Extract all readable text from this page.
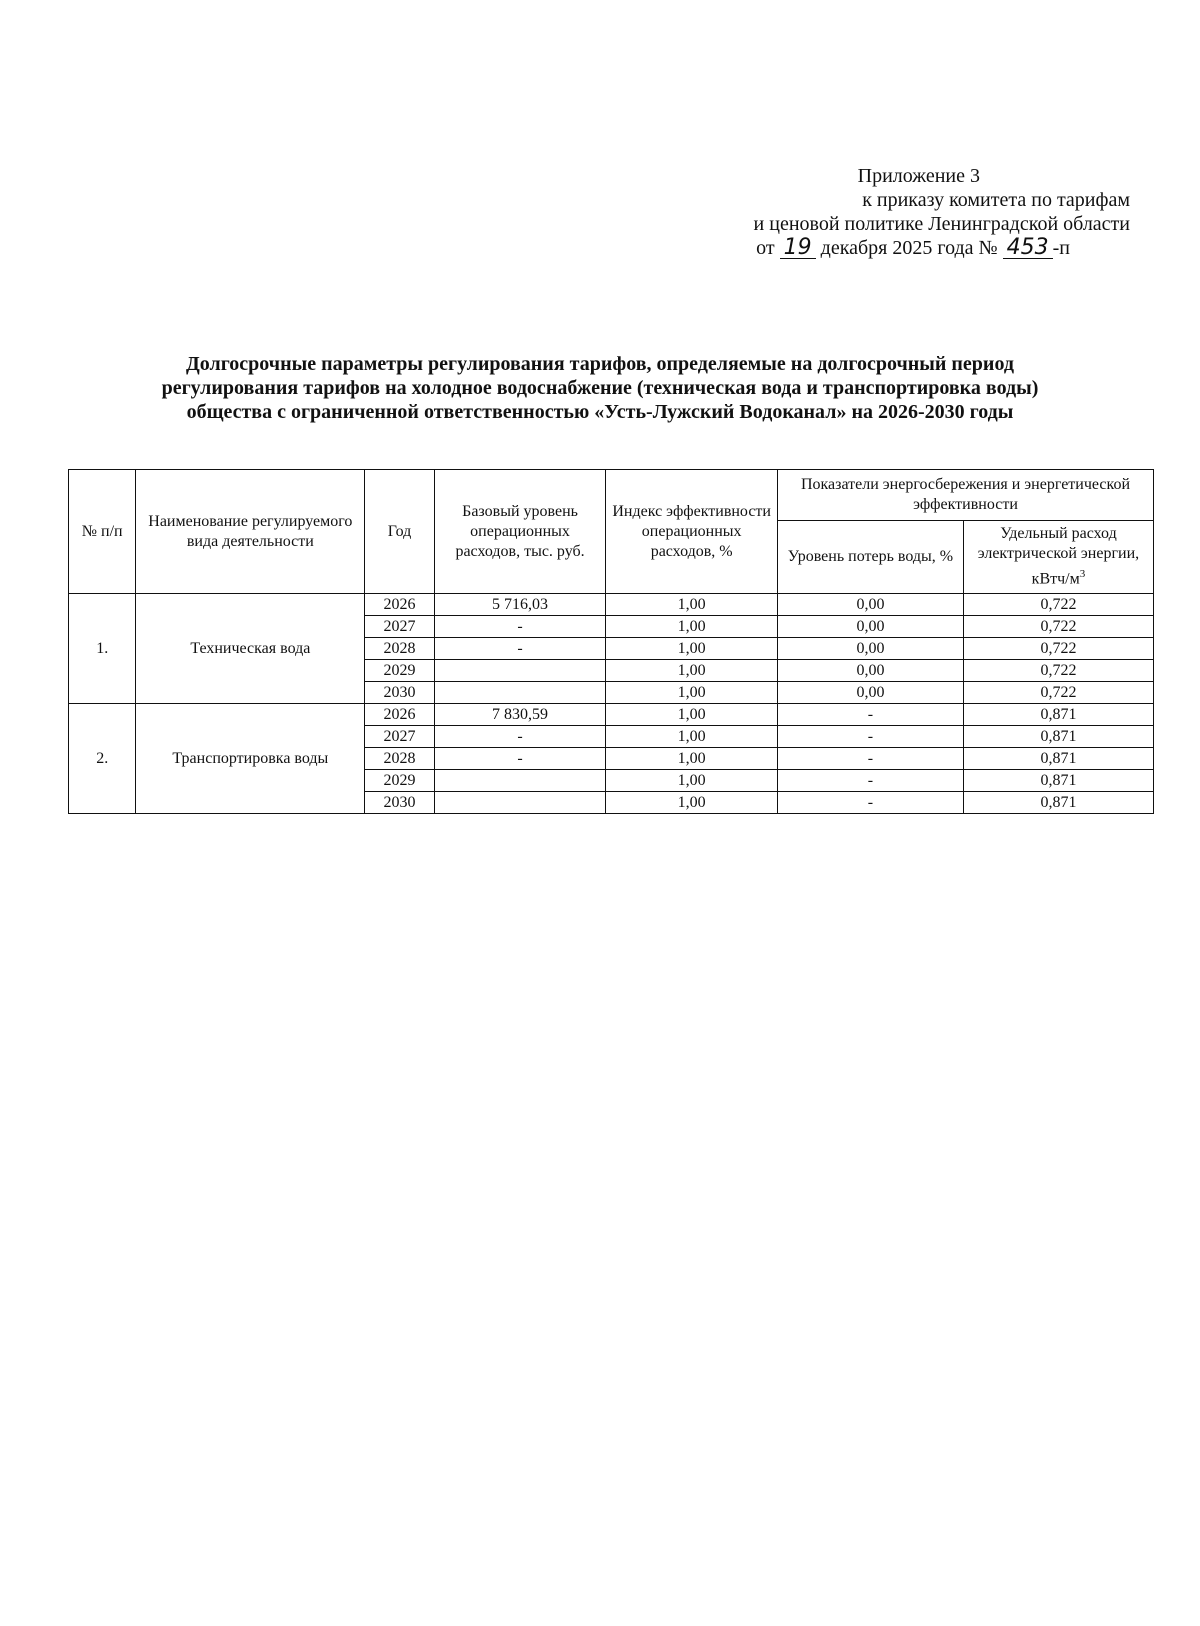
Приложение 3
к приказу комитета по тарифам
и ценовой политике Ленинградской области
от 19 декабря 2025 года № 453 -п
Долгосрочные параметры регулирования тарифов, определяемые на долгосрочный период
регулирования тарифов на холодное водоснабжение (техническая вода и транспортировка воды)
общества с ограниченной ответственностью «Усть-Лужский Водоканал» на 2026-2030 годы
№ п/п	Наименование регулируемого вида деятельности	Год	Базовый уровень операционных расходов, тыс. руб.	Индекс эффективности операционных расходов, %	Показатели энергосбережения и энергетической эффективности	
					Уровень потерь воды, %	Удельный расход электрической энергии, кВтч/$м^3$
1.	Техническая вода	2026	5 716,03	1,00	0,00	0,722
		2027	-	1,00	0,00	0,722
		2028	-	1,00	0,00	0,722
		2029		1,00	0,00	0,722
		2030		1,00	0,00	0,722
2.	Транспортировка воды	2026	7 830,59	1,00	-	0,871
		2027	-	1,00	-	0,871
		2028	-	1,00	-	0,871
		2029		1,00	-	0,871
		2030		1,00	-	0,871
